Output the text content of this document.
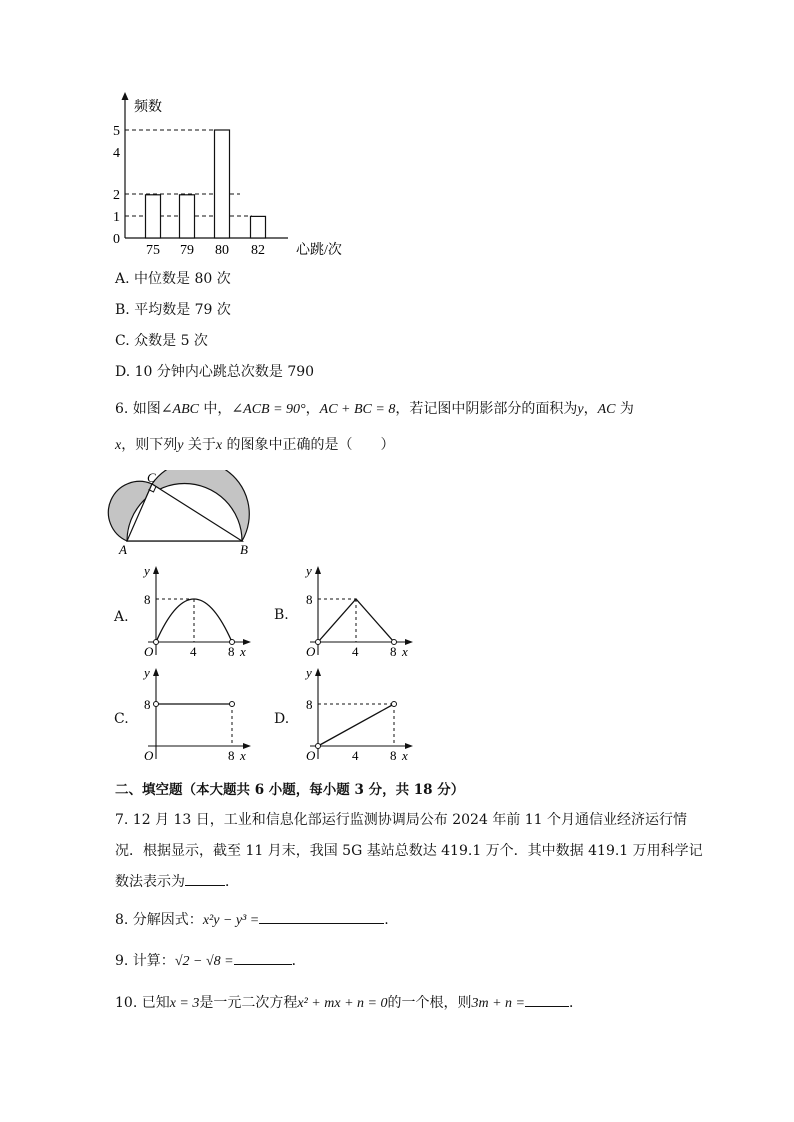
75 79 80 82
0
1
2
4
5
频数
心跳/次
A. 中位数是 80 次
B. 平均数是 79 次
C. 众数是 5 次
D. 10 分钟内心跳总次数是 790
6. 如图∠ABC 中，∠ACB = 90°，AC + BC = 8，若记图中阴影部分的面积为y，AC 为
x，则下列y 关于x 的图象中正确的是（　　）
A	B
C
A.
8
4 8
O	x
y
B.
8
4 8
O	x
y
C.
8
8
O	x
y
D.
8
4 8
O	x
y
二、填空题（本大题共 6 小题，每小题 3 分，共 18 分）
7. 12 月 13 日，工业和信息化部运行监测协调局公布 2024 年前 11 个月通信业经济运行情
况．根据显示，截至 11 月末，我国 5G 基站总数达 419.1 万个．其中数据 419.1 万用科学记
数法表示为	．
8. 分解因式：x²y − y³ =	.
9. 计算：√2 − √8 =	．
10. 已知x = 3是一元二次方程x² + mx + n = 0的一个根，则3m + n =	．
